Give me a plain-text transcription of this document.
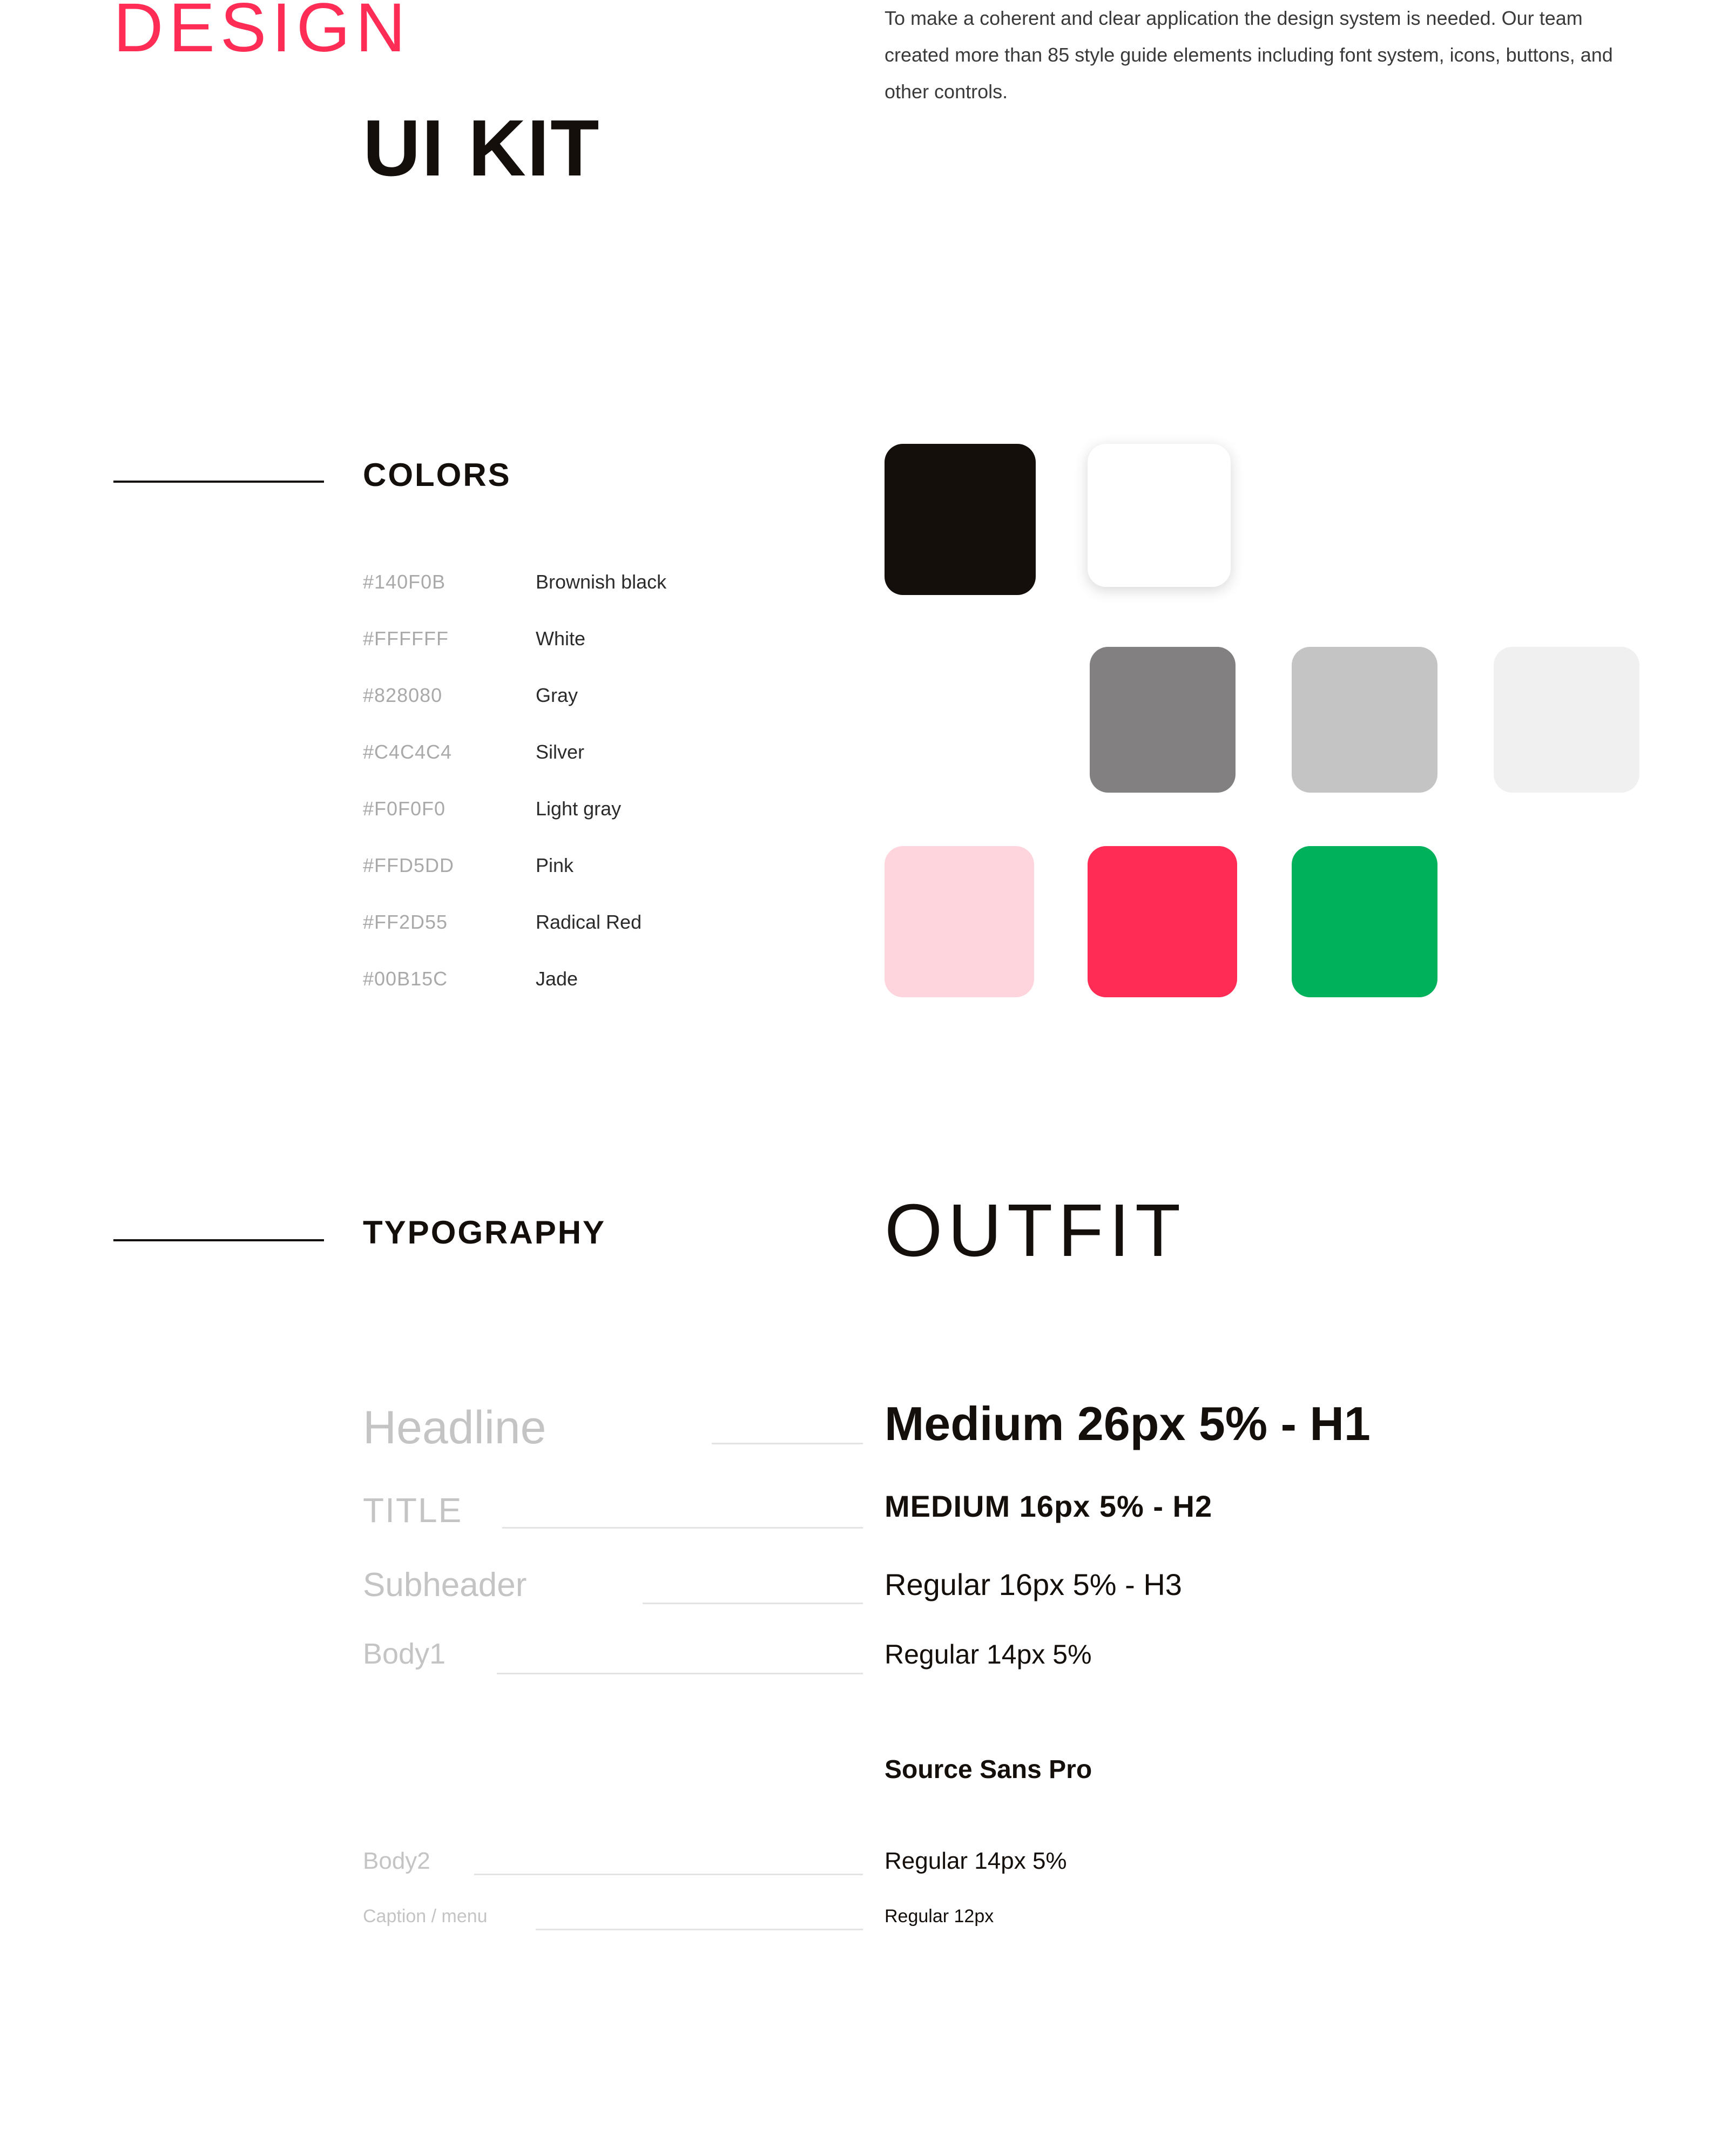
DESIGN
UI KIT
To make a coherent and clear application the design system is needed. Our team created more than 85 style guide elements including font system, icons, buttons, and other controls.
COLORS
#140F0B	Brownish black
#FFFFFF	White
#828080	Gray
#C4C4C4	Silver
#F0F0F0	Light gray
#FFD5DD	Pink
#FF2D55	Radical Red
#00B15C	Jade
TYPOGRAPHY	OUTFIT
Headline	Medium 26px 5% - H1
TITLE	MEDIUM 16px 5% - H2
Subheader	Regular 16px 5% - H3
Body1	Regular 14px 5%
Source Sans Pro
Body2	Regular 14px 5%
Caption / menu	Regular 12px
